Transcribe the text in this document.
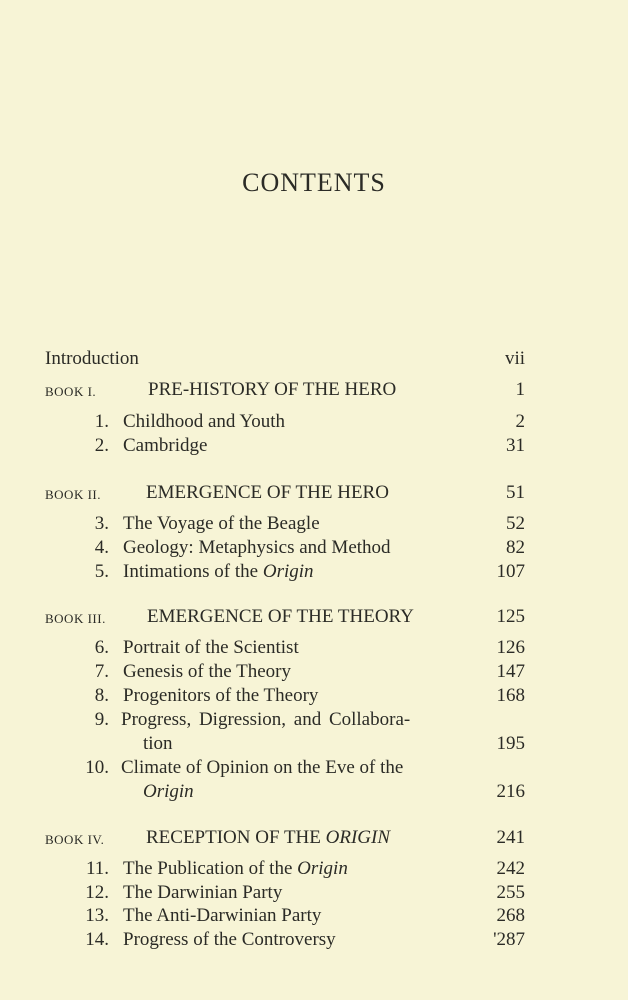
CONTENTS
Introduction	vii
BOOK I.	PRE-HISTORY OF THE HERO	1
1. Childhood and Youth	2
2. Cambridge	31
BOOK II. EMERGENCE OF THE HERO	51
3. The Voyage of the Beagle	52
4. Geology: Metaphysics and Method	82
5. Intimations of the Origin	107
BOOK III. EMERGENCE OF THE THEORY	125
6. Portrait of the Scientist	126
7. Genesis of the Theory	147
8. Progenitors of the Theory	168
9. Progress, Digression, and Collabora-
tion	195
10. Climate of Opinion on the Eve of the
Origin	216
BOOK IV. RECEPTION OF THE ORIGIN	241
11. The Publication of the Origin	242
12. The Darwinian Party	255
13. The Anti-Darwinian Party	268
14. Progress of the Controversy	'287
